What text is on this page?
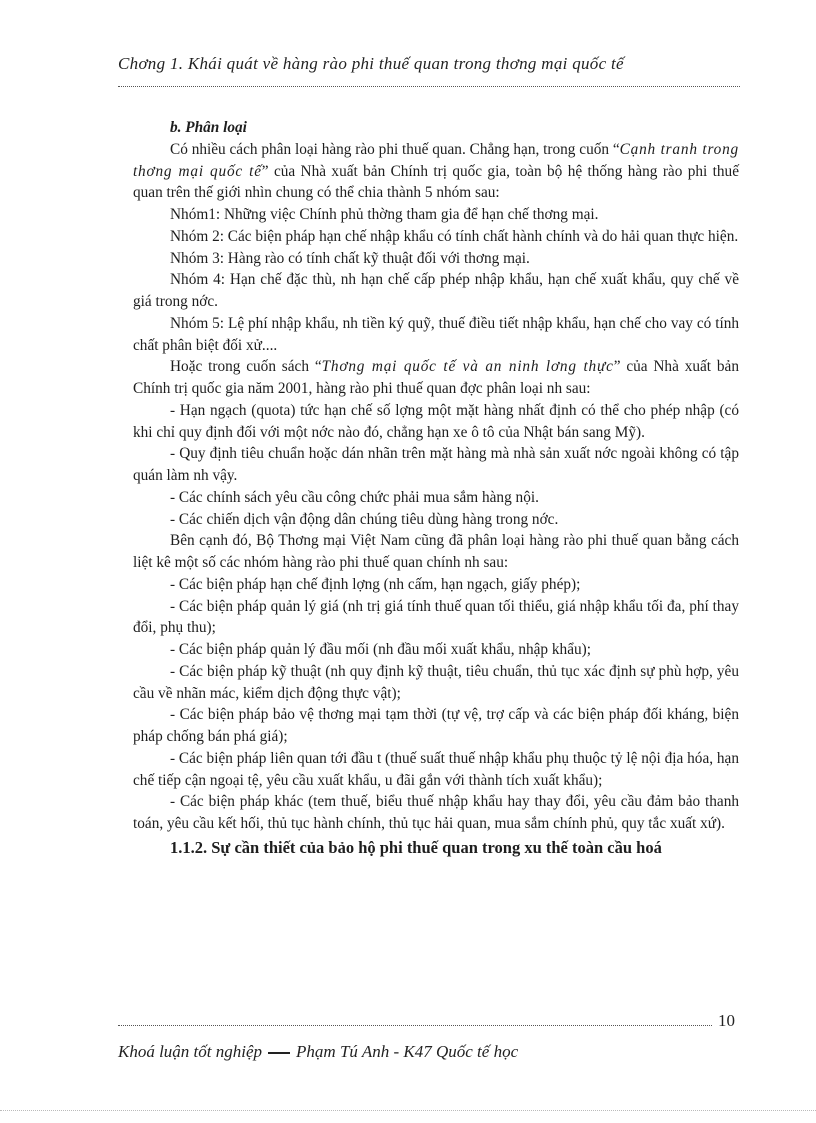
Chơng 1. Khái quát về hàng rào phi thuế quan trong thơng mại quốc tế

b. Phân loại

Có nhiều cách phân loại hàng rào phi thuế quan. Chẳng hạn, trong cuốn “Cạnh tranh trong thơng mại quốc tế” của Nhà xuất bản Chính trị quốc gia, toàn bộ hệ thống hàng rào phi thuế quan trên thế giới nhìn chung có thể chia thành 5 nhóm sau:

Nhóm1: Những việc Chính phủ thờng tham gia để hạn chế thơng mại.

Nhóm 2: Các biện pháp hạn chế nhập khẩu có tính chất hành chính và do hải quan thực hiện.

Nhóm 3: Hàng rào có tính chất kỹ thuật đối với thơng mại.

Nhóm 4: Hạn chế đặc thù, nh hạn chế cấp phép nhập khẩu, hạn chế xuất khẩu, quy chế về giá trong nớc.

Nhóm 5: Lệ phí nhập khẩu, nh tiền ký quỹ, thuế điều tiết nhập khẩu, hạn chế cho vay có tính chất phân biệt đối xử....

Hoặc trong cuốn sách “Thơng mại quốc tế và an ninh lơng thực” của Nhà xuất bản Chính trị quốc gia năm 2001, hàng rào phi thuế quan đợc phân loại nh sau:

- Hạn ngạch (quota) tức hạn chế số lợng một mặt hàng nhất định có thể cho phép nhập (có khi chỉ quy định đối với một nớc nào đó, chẳng hạn xe ô tô của Nhật bán sang Mỹ).

- Quy định tiêu chuẩn hoặc dán nhãn trên mặt hàng mà nhà sản xuất nớc ngoài không có tập quán làm nh vậy.

- Các chính sách yêu cầu công chức phải mua sắm hàng nội.

- Các chiến dịch vận động dân chúng tiêu dùng hàng trong nớc.

Bên cạnh đó, Bộ Thơng mại Việt Nam cũng đã phân loại hàng rào phi thuế quan bằng cách liệt kê một số các nhóm hàng rào phi thuế quan chính nh sau:

- Các biện pháp hạn chế định lợng (nh cấm, hạn ngạch, giấy phép);

- Các biện pháp quản lý giá (nh trị giá tính thuế quan tối thiểu, giá nhập khẩu tối đa, phí thay đổi, phụ thu);

- Các biện pháp quản lý đầu mối (nh đầu mối xuất khẩu, nhập khẩu);

- Các biện pháp kỹ thuật (nh quy định kỹ thuật, tiêu chuẩn, thủ tục xác định sự phù hợp, yêu cầu về nhãn mác, kiểm dịch động thực vật);

- Các biện pháp bảo vệ thơng mại tạm thời (tự vệ, trợ cấp và các biện pháp đối kháng, biện pháp chống bán phá giá);

- Các biện pháp liên quan tới đầu t (thuế suất thuế nhập khẩu phụ thuộc tỷ lệ nội địa hóa, hạn chế tiếp cận ngoại tệ, yêu cầu xuất khẩu, u đãi gắn với thành tích xuất khẩu);

- Các biện pháp khác (tem thuế, biểu thuế nhập khẩu hay thay đổi, yêu cầu đảm bảo thanh toán, yêu cầu kết hối, thủ tục hành chính, thủ tục hải quan, mua sắm chính phủ, quy tắc xuất xứ).

1.1.2. Sự cần thiết của bảo hộ phi thuế quan trong xu thế toàn cầu hoá

10
Khoá luận tốt nghiệp Phạm Tú Anh - K47 Quốc tế học
